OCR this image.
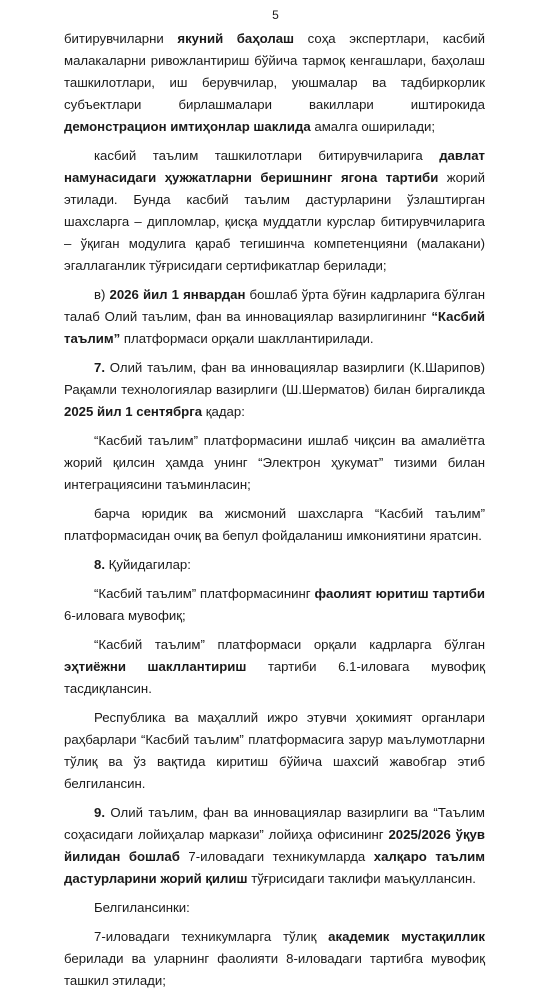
5

битирувчиларни якуний баҳолаш соҳа экспертлари, касбий малакаларни ривожлантириш бўйича тармоқ кенгашлари, баҳолаш ташкилотлари, иш берувчилар, уюшмалар ва тадбиркорлик субъектлари бирлашмалари вакиллари иштирокида демонстрацион имтиҳонлар шаклида амалга оширилади;

касбий таълим ташкилотлари битирувчиларига давлат намунасидаги ҳужжатларни беришнинг ягона тартиби жорий этилади. Бунда касбий таълим дастурларини ўзлаштирган шахсларга – дипломлар, қисқа муддатли курслар битирувчиларига – ўқиган модулига қараб тегишинча компетенцияни (малакани) эгаллаганлик тўғрисидаги сертификатлар берилади;

в) 2026 йил 1 январдан бошлаб ўрта бўғин кадрларига бўлган талаб Олий таълим, фан ва инновациялар вазирлигининг “Касбий таълим” платформаси орқали шакллантирилади.

7. Олий таълим, фан ва инновациялар вазирлиги (К.Шарипов) Рақамли технологиялар вазирлиги (Ш.Шерматов) билан биргаликда 2025 йил 1 сентябрга қадар:

“Касбий таълим” платформасини ишлаб чиқсин ва амалиётга жорий қилсин ҳамда унинг “Электрон ҳукумат” тизими билан интеграциясини таъминласин;

барча юридик ва жисмоний шахсларга “Касбий таълим” платформасидан очиқ ва бепул фойдаланиш имкониятини яратсин.

8. Қуйидагилар:

“Касбий таълим” платформасининг фаолият юритиш тартиби 6-иловага мувофиқ;

“Касбий таълим” платформаси орқали кадрларга бўлган эҳтиёжни шакллантириш тартиби 6.1-иловага мувофиқ тасдиқлансин.

Республика ва маҳаллий ижро этувчи ҳокимият органлари раҳбарлари “Касбий таълим” платформасига зарур маълумотларни тўлиқ ва ўз вақтида киритиш бўйича шахсий жавобгар этиб белгилансин.

9. Олий таълим, фан ва инновациялар вазирлиги ва “Таълим соҳасидаги лойиҳалар маркази” лойиҳа офисининг 2025/2026 ўқув йилидан бошлаб 7-иловадаги техникумларда халқаро таълим дастурларини жорий қилиш тўғрисидаги таклифи маъқуллансин.

Белгилансинки:

7-иловадаги техникумларга тўлиқ академик мустақиллик берилади ва уларнинг фаолияти 8-иловадаги тартибга мувофиқ ташкил этилади;
